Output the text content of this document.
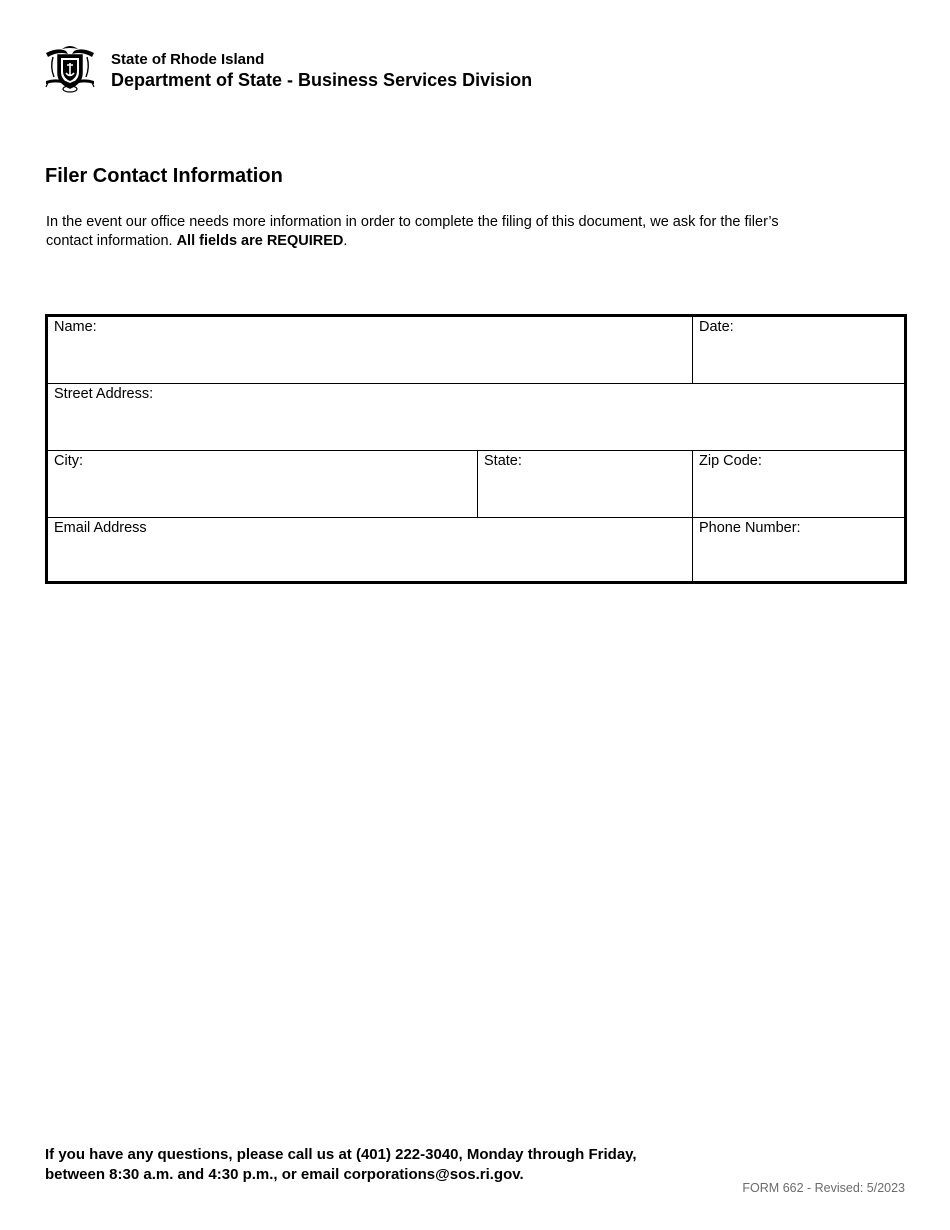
State of Rhode Island
Department of State - Business Services Division
Filer Contact Information

In the event our office needs more information in order to complete the filing of this document, we ask for the filer’s contact information. All fields are REQUIRED.

Name:	Date:
Street Address:
City:	State:	Zip Code:
Email Address	Phone Number:

If you have any questions, please call us at (401) 222-3040, Monday through Friday,
between 8:30 a.m. and 4:30 p.m., or email corporations@sos.ri.gov.

FORM 662 - Revised: 5/2023
